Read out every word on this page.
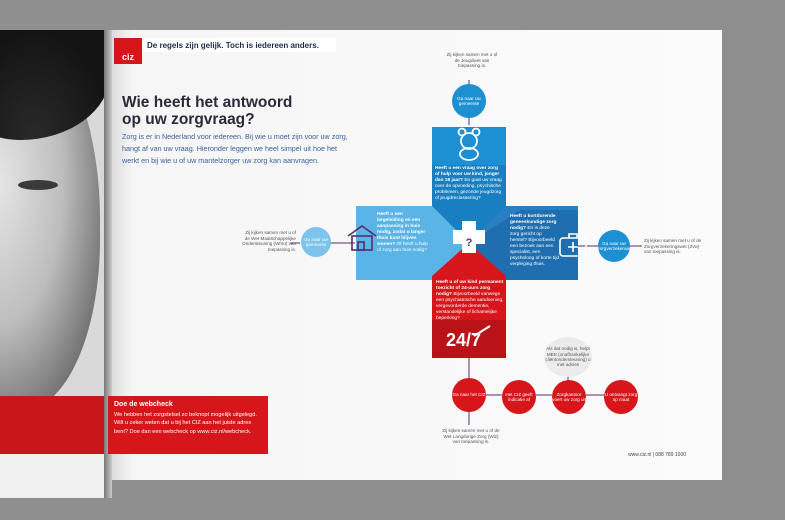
ciz
De regels zijn gelijk. Toch is iedereen anders.
Wie heeft het antwoord
op uw zorgvraag?
Zorg is er in Nederland voor iedereen. Bij wie u moet zijn voor uw zorg, hangt af van uw vraag. Hieronder leggen we heel simpel uit hoe het werkt en bij wie u of uw mantelzorger uw zorg kan aanvragen.
Doe de webcheck
We hebben het zorgstelsel zo beknopt mogelijk uitgelegd. Wilt u zeker weten dat u bij het CIZ aan het juiste adres bent? Doe dan een webcheck op www.ciz.nl/webcheck.
www.ciz.nl | 088 789 1000
?
Heeft u een vraag over zorg of hulp voor uw kind, jonger dan 18 jaar? En gaat uw vraag over de opvoeding, psychische problemen, gezonde jeugdzorg of jeugdreclassering?
Heeft u een begeleiding en een aanpassing in huis nodig, zodat u langer thuis kunt blijven wonen? Of heeft u hulp of zorg aan huis nodig?
Heeft u kortdurende geneeskundige zorg nodig? En is deze zorg gericht op herstel? Bijvoorbeeld een bezoek aan een specialist, een psycholoog of korte tijd verpleging thuis.
Heeft u of uw kind permanent toezicht of 24-uurs zorg nodig? Bijvoorbeeld vanwege een psychiatrische aandoening, vergevorderde dementie, verstandelijke of lichamelijke beperking?
24/7
Ga naar uw gemeente
Ga naar uw gemeente	Ga naar uw zorgverzekeraar
Ga naar het CIZ	Het CIZ geeft indicatie af
Zorgkantoor voert uw zorg uit
U ontvangt zorg op maat
Als dat nodig is, helpt MEE (onafhankelijke cliëntondersteuning) u met advies
Zij kijken samen met u of de Jeugdwet van toepassing is.
Zij kijken samen met u of de Wet Maatschappelijke Ondersteuning (Wmo) van toepassing is.
Zij kijken samen met u of de Zorgverzekeringswet (Zvw) van toepassing is.
Zij kijken samen met u of de Wet Langdurige Zorg (Wlz) van toepassing is.
